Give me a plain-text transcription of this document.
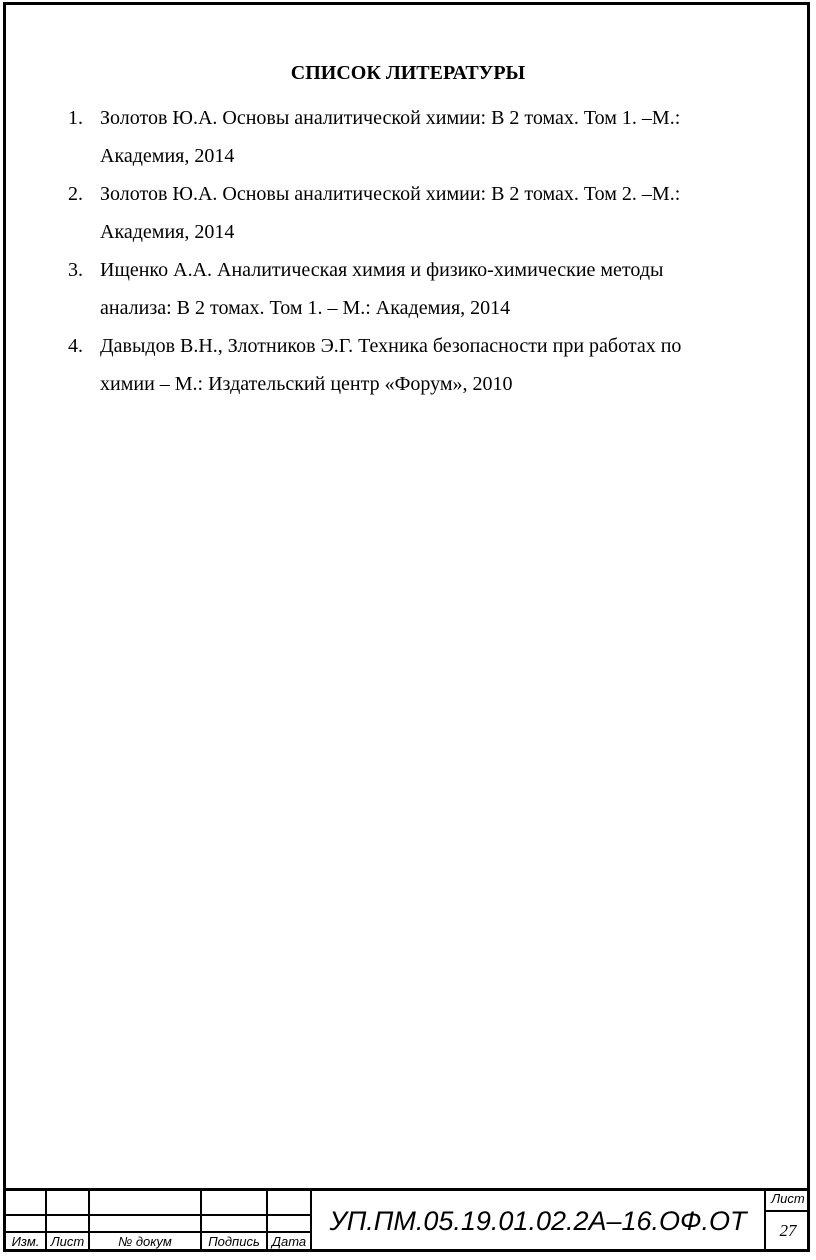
СПИСОК ЛИТЕРАТУРЫ
1. Золотов Ю.А. Основы аналитической химии: В 2 томах. Том 1. –М.:
Академия, 2014
2. Золотов Ю.А. Основы аналитической химии: В 2 томах. Том 2. –М.:
Академия, 2014
3. Ищенко А.А. Аналитическая химия и физико-химические методы
анализа: В 2 томах. Том 1. – М.: Академия, 2014
4. Давыдов В.Н., Злотников Э.Г. Техника безопасности при работах по
химии – М.: Издательский центр «Форум», 2010
Изм. Лист	№ докум	Подпись Дата
УП.ПМ.05.19.01.02.2А–16.ОФ.ОТ
Лист
27
